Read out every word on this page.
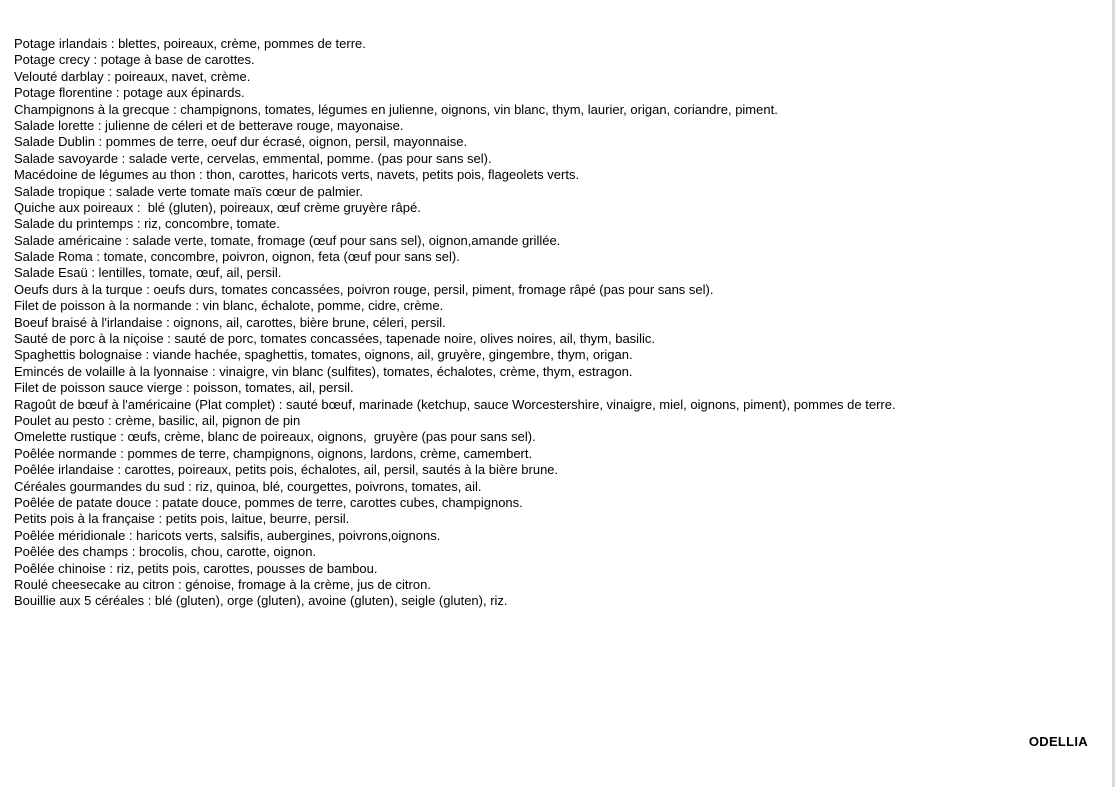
Potage irlandais : blettes, poireaux, crème, pommes de terre.
Potage crecy : potage à base de carottes.
Velouté darblay : poireaux, navet, crème.
Potage florentine : potage aux épinards.
Champignons à la grecque : champignons, tomates, légumes en julienne, oignons, vin blanc, thym, laurier, origan, coriandre, piment.
Salade lorette : julienne de céleri et de betterave rouge, mayonaise.
Salade Dublin : pommes de terre, oeuf dur écrasé, oignon, persil, mayonnaise.
Salade savoyarde : salade verte, cervelas, emmental, pomme. (pas pour sans sel).
Macédoine de légumes au thon : thon, carottes, haricots verts, navets, petits pois, flageolets verts.
Salade tropique : salade verte tomate maïs cœur de palmier.
Quiche aux poireaux :  blé (gluten), poireaux, œuf crème gruyère râpé.
Salade du printemps : riz, concombre, tomate.
Salade américaine : salade verte, tomate, fromage (œuf pour sans sel), oignon,amande grillée.
Salade Roma : tomate, concombre, poivron, oignon, feta (œuf pour sans sel).
Salade Esaü : lentilles, tomate, œuf, ail, persil.
Oeufs durs à la turque : oeufs durs, tomates concassées, poivron rouge, persil, piment, fromage râpé (pas pour sans sel).
Filet de poisson à la normande : vin blanc, échalote, pomme, cidre, crème.
Boeuf braisé à l'irlandaise : oignons, ail, carottes, bière brune, céleri, persil.
Sauté de porc à la niçoise : sauté de porc, tomates concassées, tapenade noire, olives noires, ail, thym, basilic.
Spaghettis bolognaise : viande hachée, spaghettis, tomates, oignons, ail, gruyère, gingembre, thym, origan.
Emincés de volaille à la lyonnaise : vinaigre, vin blanc (sulfites), tomates, échalotes, crème, thym, estragon.
Filet de poisson sauce vierge : poisson, tomates, ail, persil.
Ragoût de bœuf à l'américaine (Plat complet) : sauté bœuf, marinade (ketchup, sauce Worcestershire, vinaigre, miel, oignons, piment), pommes de terre.
Poulet au pesto : crème, basilic, ail, pignon de pin
Omelette rustique : œufs, crème, blanc de poireaux, oignons,  gruyère (pas pour sans sel).
Poêlée normande : pommes de terre, champignons, oignons, lardons, crème, camembert.
Poêlée irlandaise : carottes, poireaux, petits pois, échalotes, ail, persil, sautés à la bière brune.
Céréales gourmandes du sud : riz, quinoa, blé, courgettes, poivrons, tomates, ail.
Poêlée de patate douce : patate douce, pommes de terre, carottes cubes, champignons.
Petits pois à la française : petits pois, laitue, beurre, persil.
Poêlée méridionale : haricots verts, salsifis, aubergines, poivrons,oignons.
Poêlée des champs : brocolis, chou, carotte, oignon.
Poêlée chinoise : riz, petits pois, carottes, pousses de bambou.
Roulé cheesecake au citron : génoise, fromage à la crème, jus de citron.
Bouillie aux 5 céréales : blé (gluten), orge (gluten), avoine (gluten), seigle (gluten), riz.
ODELLIA
